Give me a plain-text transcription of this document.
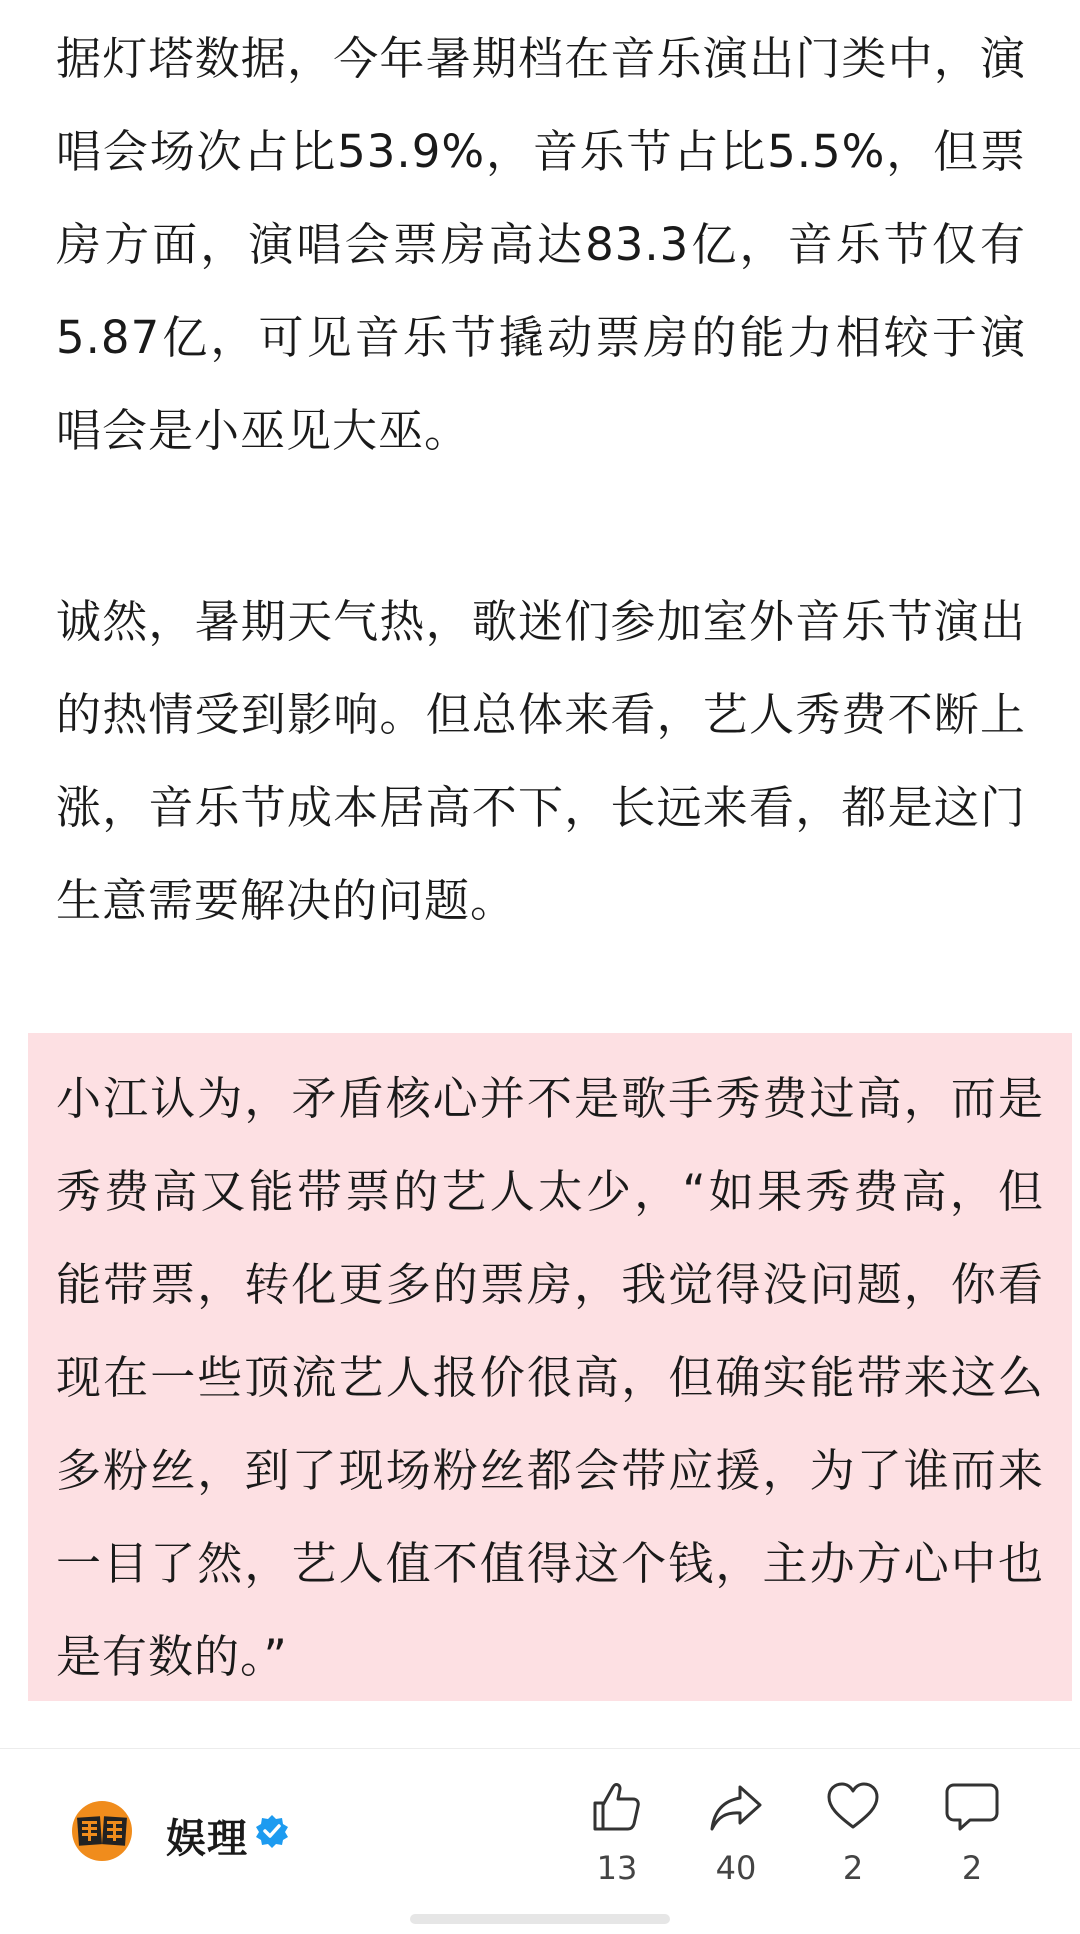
据灯塔数据，今年暑期档在音乐演出门类中，演唱会场次占比53.9%，音乐节占比5.5%，但票房方面，演唱会票房高达83.3亿，音乐节仅有5.87亿，可见音乐节撬动票房的能力相较于演唱会是小巫见大巫。

诚然，暑期天气热，歌迷们参加室外音乐节演出的热情受到影响。但总体来看，艺人秀费不断上涨，音乐节成本居高不下，长远来看，都是这门生意需要解决的问题。

小江认为，矛盾核心并不是歌手秀费过高，而是秀费高又能带票的艺人太少，“如果秀费高，但能带票，转化更多的票房，我觉得没问题，你看现在一些顶流艺人报价很高，但确实能带来这么多粉丝，到了现场粉丝都会带应援，为了谁而来一目了然，艺人值不值得这个钱，主办方心中也是有数的。”

娱理
13	40	2	2
